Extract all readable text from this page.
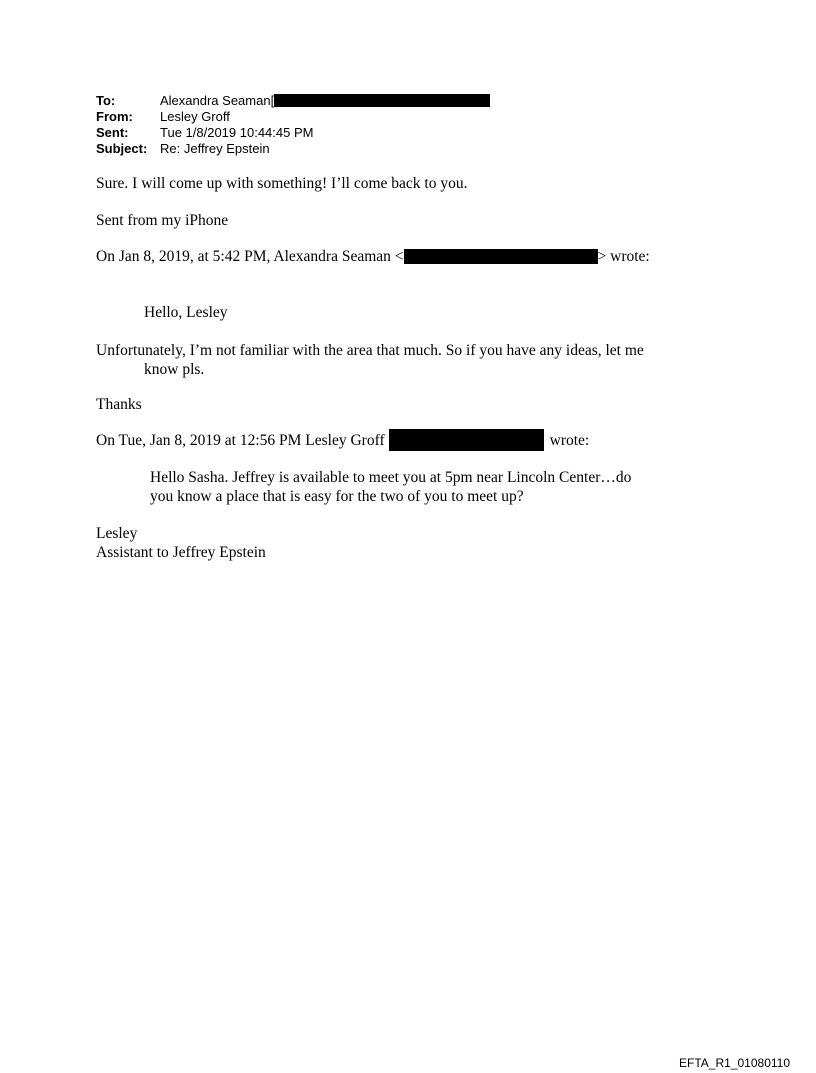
To:	Alexandra Seaman[
From:	Lesley Groff
Sent:	Tue 1/8/2019 10:44:45 PM
Subject: Re: Jeffrey Epstein
Sure. I will come up with something! I’ll come back to you.
Sent from my iPhone
On Jan 8, 2019, at 5:42 PM, Alexandra Seaman <	> wrote:
Hello, Lesley
Unfortunately, I’m not familiar with the area that much. So if you have any ideas, let me
know pls.
Thanks
On Tue, Jan 8, 2019 at 12:56 PM Lesley Groff	wrote:
Hello Sasha. Jeffrey is available to meet you at 5pm near Lincoln Center…do
you know a place that is easy for the two of you to meet up?
Lesley
Assistant to Jeffrey Epstein
EFTA_R1_01080110
